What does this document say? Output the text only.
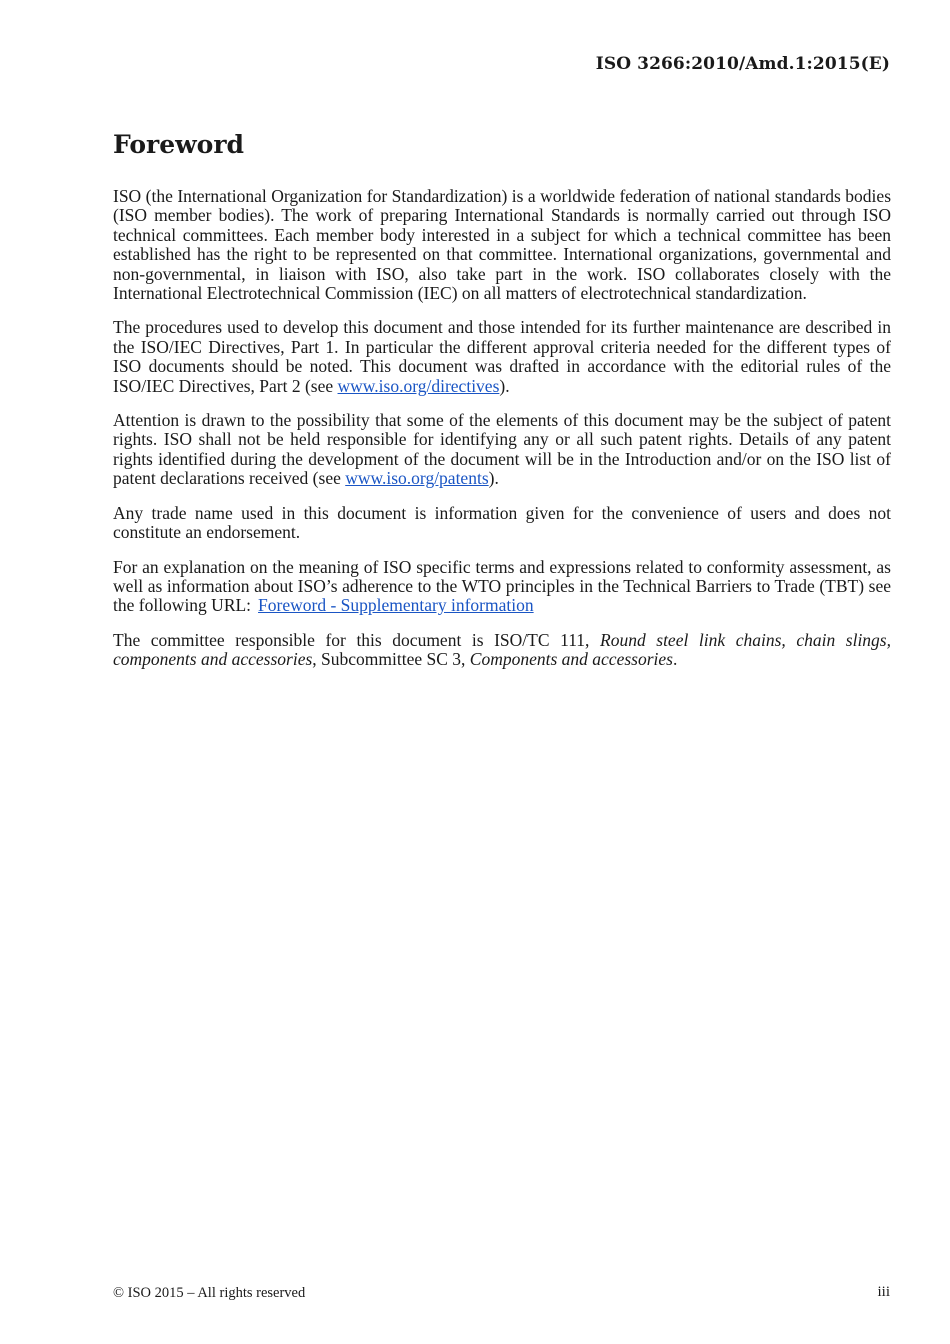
ISO 3266:2010/Amd.1:2015(E)
Foreword

ISO (the International Organization for Standardization) is a worldwide federation of national standards bodies (ISO member bodies). The work of preparing International Standards is normally carried out through ISO technical committees. Each member body interested in a subject for which a technical committee has been established has the right to be represented on that committee. International organizations, governmental and non-governmental, in liaison with ISO, also take part in the work. ISO collaborates closely with the International Electrotechnical Commission (IEC) on all matters of electrotechnical standardization.

The procedures used to develop this document and those intended for its further maintenance are described in the ISO/IEC Directives, Part 1. In particular the different approval criteria needed for the different types of ISO documents should be noted. This document was drafted in accordance with the editorial rules of the ISO/IEC Directives, Part 2 (see www.iso.org/directives).

Attention is drawn to the possibility that some of the elements of this document may be the subject of patent rights. ISO shall not be held responsible for identifying any or all such patent rights. Details of any patent rights identified during the development of the document will be in the Introduction and/or on the ISO list of patent declarations received (see www.iso.org/patents).

Any trade name used in this document is information given for the convenience of users and does not constitute an endorsement.

For an explanation on the meaning of ISO specific terms and expressions related to conformity assessment, as well as information about ISO’s adherence to the WTO principles in the Technical Barriers to Trade (TBT) see the following URL: Foreword - Supplementary information

The committee responsible for this document is ISO/TC 111, Round steel link chains, chain slings, components and accessories, Subcommittee SC 3, Components and accessories.

© ISO 2015 – All rights reserved	iii
